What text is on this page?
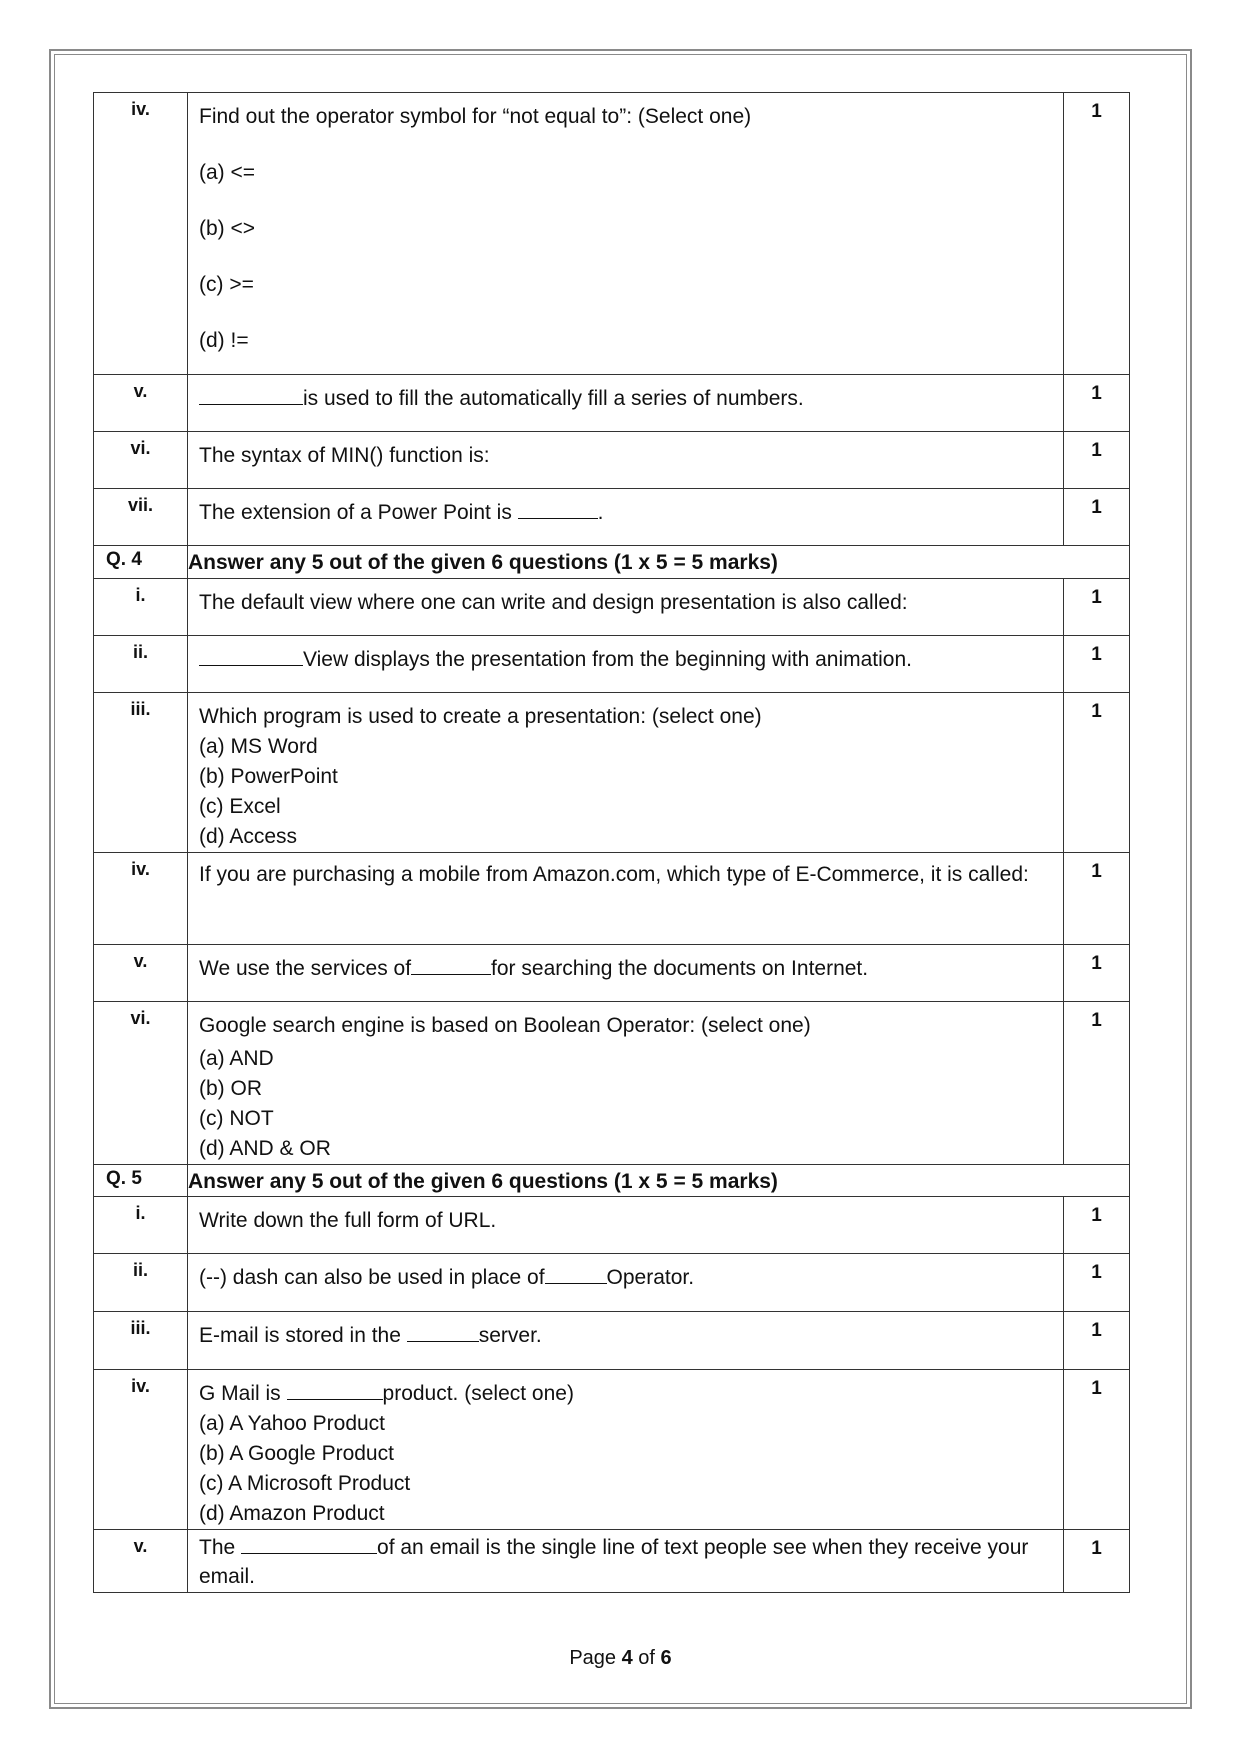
iv.	Find out the operator symbol for “not equal to”: (Select one)
(a) <=
(b) <>
(c) >=
(d) !=	1
v.	is used to fill the automatically fill a series of numbers.	1
vi.	The syntax of MIN() function is:	1
vii.	The extension of a Power Point is .	1
Q. 4	Answer any 5 out of the given 6 questions (1 x 5 = 5 marks)	
i.	The default view where one can write and design presentation is also called:	1
ii.	View displays the presentation from the beginning with animation.	1
iii.	Which program is used to create a presentation: (select one)
(a) MS Word
(b) PowerPoint
(c) Excel
(d) Access	1
iv.	If you are purchasing a mobile from Amazon.com, which type of E-Commerce, it is called:	1
v.	We use the services of for searching the documents on Internet.	1
vi.	Google search engine is based on Boolean Operator: (select one)
(a) AND
(b) OR
(c) NOT
(d) AND & OR	1
Q. 5	Answer any 5 out of the given 6 questions (1 x 5 = 5 marks)	
i.	Write down the full form of URL.	1
ii.	(--) dash can also be used in place of Operator.	1
iii.	E-mail is stored in the server.	1
iv.	G Mail is product. (select one)
(a) A Yahoo Product
(b) A Google Product
(c) A Microsoft Product
(d) Amazon Product	1
v.	The of an email is the single line of text people see when they receive your email.	1
Page 4 of 6
